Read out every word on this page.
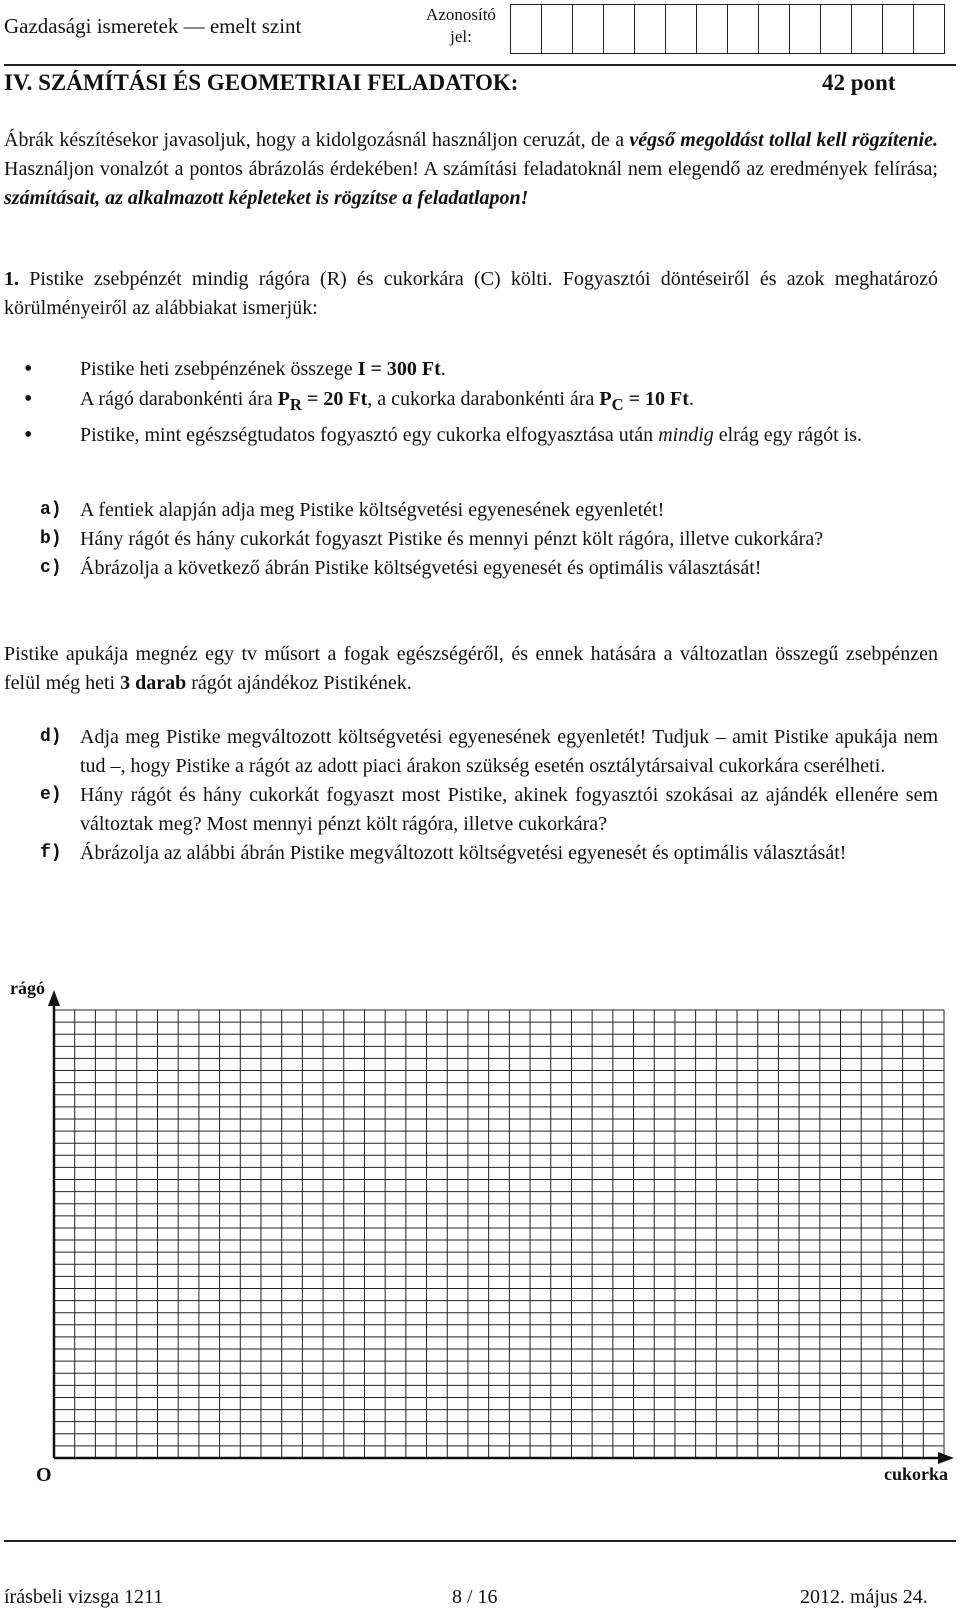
Gazdasági ismeretek — emelt szint	Azonosító
jel:
IV. SZÁMÍTÁSI ÉS GEOMETRIAI FELADATOK:	42 pont
Ábrák készítésekor javasoljuk, hogy a kidolgozásnál használjon ceruzát, de a végső megoldást tollal kell rögzítenie. Használjon vonalzót a pontos ábrázolás érdekében! A számítási feladatoknál nem elegendő az eredmények felírása; számításait, az alkalmazott képleteket is rögzítse a feladatlapon!
1. Pistike zsebpénzét mindig rágóra (R) és cukorkára (C) költi. Fogyasztói döntéseiről és azok meghatározó körülményeiről az alábbiakat ismerjük:
• Pistike heti zsebpénzének összege I = 300 Ft.
• A rágó darabonkénti ára $P_R = 20$ Ft, a cukorka darabonkénti ára $P_C = 10$ Ft.
• Pistike, mint egészségtudatos fogyasztó egy cukorka elfogyasztása után mindig elrág egy rágót is.
a) A fentiek alapján adja meg Pistike költségvetési egyenesének egyenletét!
b) Hány rágót és hány cukorkát fogyaszt Pistike és mennyi pénzt költ rágóra, illetve cukorkára?
c) Ábrázolja a következő ábrán Pistike költségvetési egyenesét és optimális választását!
Pistike apukája megnéz egy tv műsort a fogak egészségéről, és ennek hatására a változatlan összegű zsebpénzen felül még heti 3 darab rágót ajándékoz Pistikének.
d) Adja meg Pistike megváltozott költségvetési egyenesének egyenletét! Tudjuk – amit Pistike apukája nem tud –, hogy Pistike a rágót az adott piaci árakon szükség esetén osztálytársaival cukorkára cserélheti.
e) Hány rágót és hány cukorkát fogyaszt most Pistike, akinek fogyasztói szokásai az ajándék ellenére sem változtak meg? Most mennyi pénzt költ rágóra, illetve cukorkára?
f) Ábrázolja az alábbi ábrán Pistike megváltozott költségvetési egyenesét és optimális választását!
rágó
O	cukorka
írásbeli vizsga 1211	8 / 16	2012. május 24.
